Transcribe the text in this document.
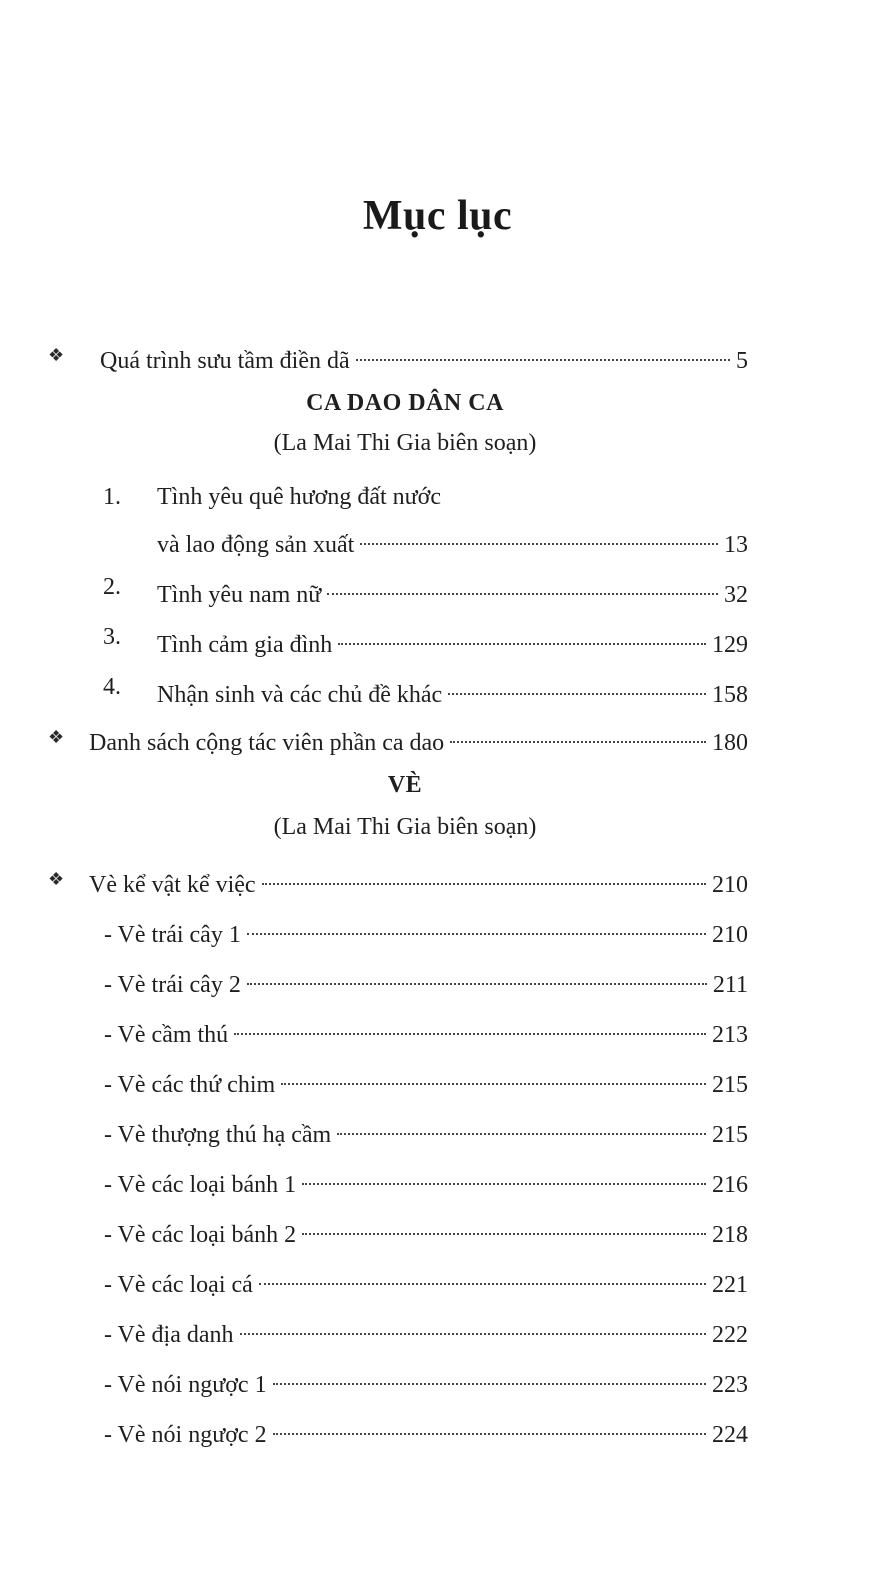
Mục lục
❖ Quá trình sưu tầm điền dã	5
CA DAO DÂN CA
(La Mai Thi Gia biên soạn)
1. Tình yêu quê hương đất nước
và lao động sản xuất	13
2. Tình yêu nam nữ	32
3. Tình cảm gia đình	129
4. Nhận sinh và các chủ đề khác	158
❖ Danh sách cộng tác viên phần ca dao	180
VÈ
(La Mai Thi Gia biên soạn)
❖ Vè kể vật kể việc	210
- Vè trái cây 1	210
- Vè trái cây 2	211
- Vè cầm thú	213
- Vè các thứ chim	215
- Vè thượng thú hạ cầm	215
- Vè các loại bánh 1	216
- Vè các loại bánh 2	218
- Vè các loại cá	221
- Vè địa danh	222
- Vè nói ngược 1	223
- Vè nói ngược 2	224
